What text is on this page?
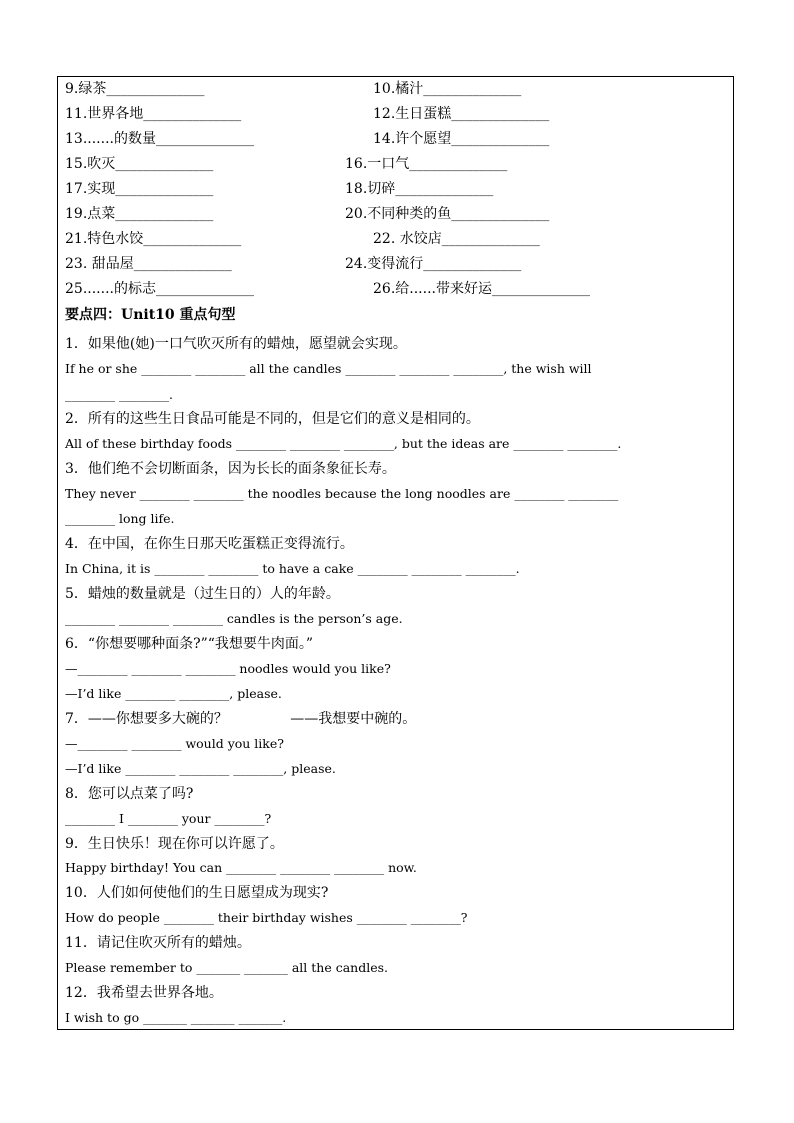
9.绿茶______________	10.橘汁______________
11.世界各地______________	12.生日蛋糕______________
13.......的数量______________	14.许个愿望______________
15.吹灭______________	16.一口气______________
17.实现______________	18.切碎______________
19.点菜______________	20.不同种类的鱼______________
21.特色水饺______________	22. 水饺店______________
23. 甜品屋______________	24.变得流行______________
25.......的标志______________	26.给......带来好运______________
要点四：Unit10 重点句型
1．如果他(她)一口气吹灭所有的蜡烛，愿望就会实现。
If he or she ________ ________ all the candles ________ ________ ________, the wish will
________ ________.
2．所有的这些生日食品可能是不同的，但是它们的意义是相同的。
All of these birthday foods ________ ________ ________, but the ideas are ________ ________.
3．他们绝不会切断面条，因为长长的面条象征长寿。
They never ________ ________ the noodles because the long noodles are ________ ________
________ long life.
4．在中国，在你生日那天吃蛋糕正变得流行。
In China, it is ________ ________ to have a cake ________ ________ ________.
5．蜡烛的数量就是（过生日的）人的年龄。
________ ________ ________ candles is the person’s age.
6．“你想要哪种面条?”“我想要牛肉面。”
—________ ________ ________ noodles would you like?
—I’d like ________ ________, please.
7．——你想要多大碗的？              ——我想要中碗的。
—________ ________ would you like?
—I’d like ________ ________ ________, please.
8．您可以点菜了吗?
________ I ________ your ________?
9．生日快乐！现在你可以许愿了。
Happy birthday! You can ________ ________ ________ now.
10．人们如何使他们的生日愿望成为现实?
How do people ________ their birthday wishes ________ ________?
11．请记住吹灭所有的蜡烛。
Please remember to _______ _______ all the candles.
12．我希望去世界各地。
I wish to go _______ _______ _______.
